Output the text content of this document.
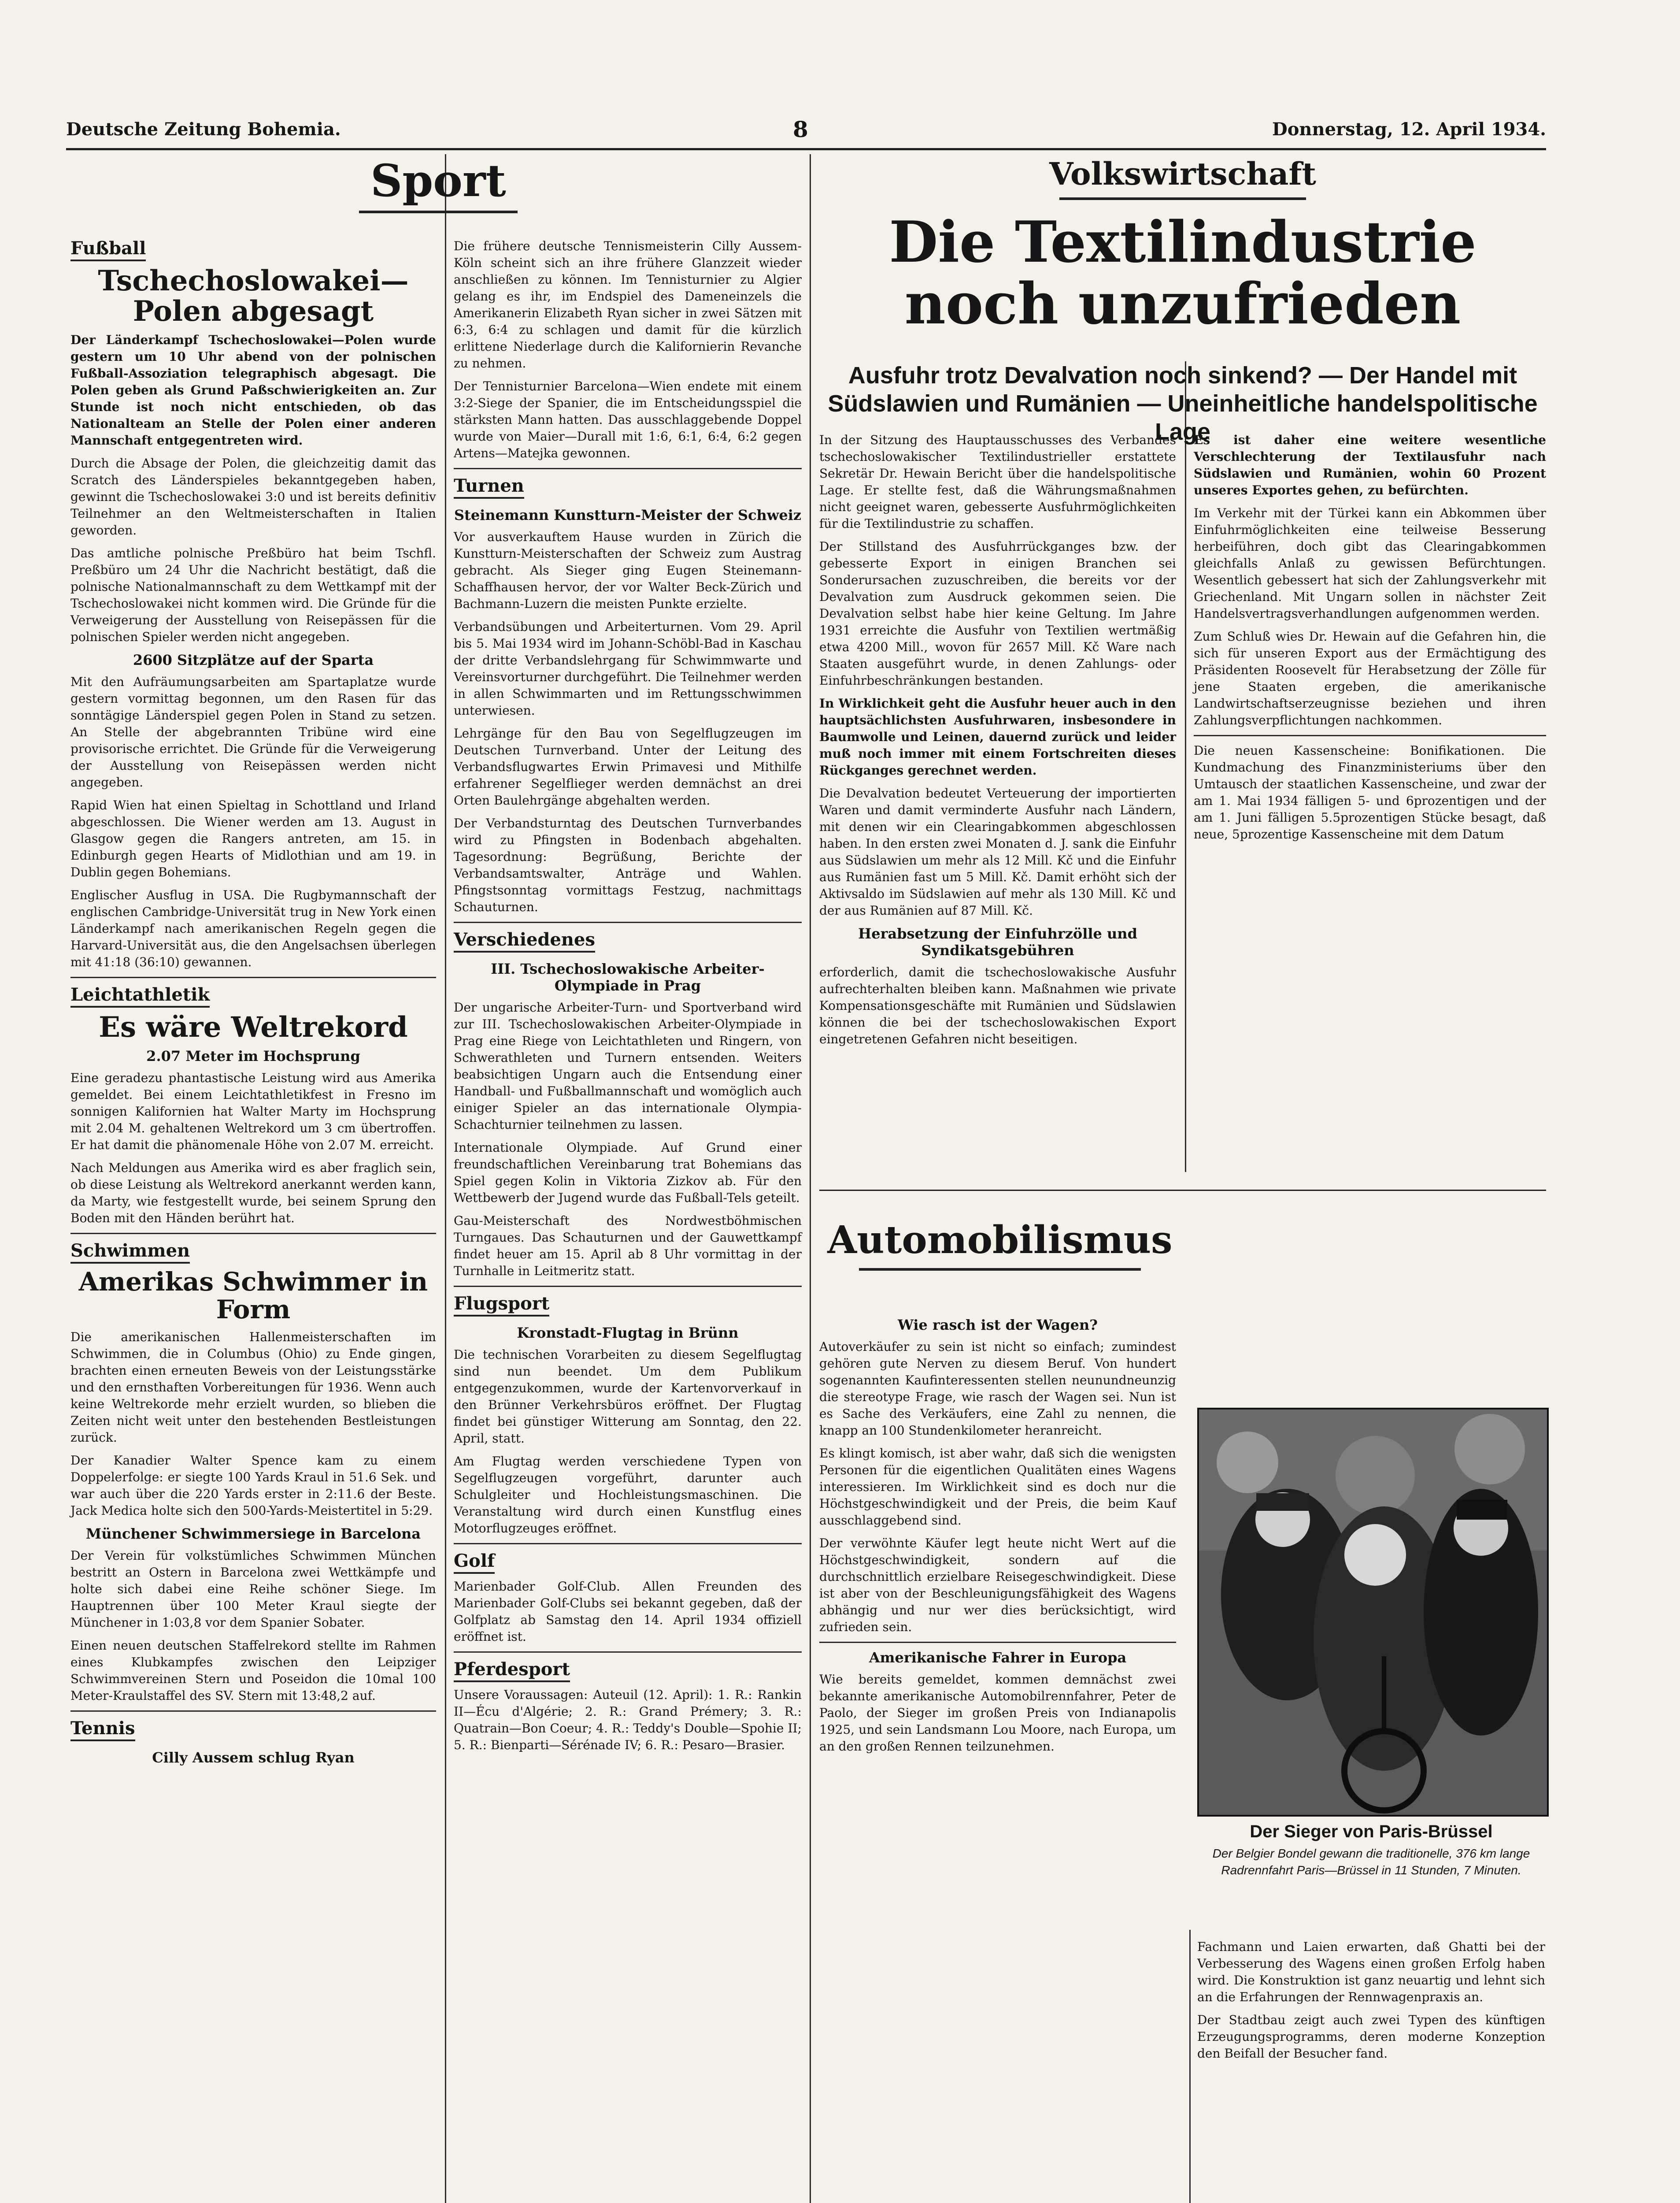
Deutsche Zeitung Bohemia.	8	Donnerstag, 12. April 1934.
Sport
Fußball
Tschechoslowakei—Polen abgesagt

Der Länderkampf Tschechoslowakei—Polen wurde gestern um 10 Uhr abend von der polnischen Fußball-Assoziation telegraphisch abgesagt. Die Polen geben als Grund Paßschwierigkeiten an. Zur Stunde ist noch nicht entschieden, ob das Nationalteam an Stelle der Polen einer anderen Mannschaft entgegentreten wird.

Durch die Absage der Polen, die gleichzeitig damit das Scratch des Länderspieles bekanntgegeben haben, gewinnt die Tschechoslowakei 3:0 und ist bereits definitiv Teilnehmer an den Weltmeisterschaften in Italien geworden.

Das amtliche polnische Preßbüro hat beim Tschfl. Preßbüro um 24 Uhr die Nachricht bestätigt, daß die polnische Nationalmannschaft zu dem Wettkampf mit der Tschechoslowakei nicht kommen wird. Die Gründe für die Verweigerung der Ausstellung von Reisepässen für die polnischen Spieler werden nicht angegeben.

2600 Sitzplätze auf der Sparta

Mit den Aufräumungsarbeiten am Spartaplatze wurde gestern vormittag begonnen, um den Rasen für das sonntägige Länderspiel gegen Polen in Stand zu setzen. An Stelle der abgebrannten Tribüne wird eine provisorische errichtet. Die Gründe für die Verweigerung der Ausstellung von Reisepässen werden nicht angegeben.

Rapid Wien hat einen Spieltag in Schottland und Irland abgeschlossen. Die Wiener werden am 13. August in Glasgow gegen die Rangers antreten, am 15. in Edinburgh gegen Hearts of Midlothian und am 19. in Dublin gegen Bohemians.

Englischer Ausflug in USA. Die Rugbymannschaft der englischen Cambridge-Universität trug in New York einen Länderkampf nach amerikanischen Regeln gegen die Harvard-Universität aus, die den Angelsachsen überlegen mit 41:18 (36:10) gewannen.

Leichtathletik
Es wäre Weltrekord
2.07 Meter im Hochsprung

Eine geradezu phantastische Leistung wird aus Amerika gemeldet. Bei einem Leichtathletikfest in Fresno im sonnigen Kalifornien hat Walter Marty im Hochsprung mit 2.04 M. gehaltenen Weltrekord um 3 cm übertroffen. Er hat damit die phänomenale Höhe von 2.07 M. erreicht.

Nach Meldungen aus Amerika wird es aber fraglich sein, ob diese Leistung als Weltrekord anerkannt werden kann, da Marty, wie festgestellt wurde, bei seinem Sprung den Boden mit den Händen berührt hat.

Schwimmen
Amerikas Schwimmer in Form

Die amerikanischen Hallenmeisterschaften im Schwimmen, die in Columbus (Ohio) zu Ende gingen, brachten einen erneuten Beweis von der Leistungsstärke und den ernsthaften Vorbereitungen für 1936. Wenn auch keine Weltrekorde mehr erzielt wurden, so blieben die Zeiten nicht weit unter den bestehenden Bestleistungen zurück.

Der Kanadier Walter Spence kam zu einem Doppelerfolge: er siegte 100 Yards Kraul in 51.6 Sek. und war auch über die 220 Yards erster in 2:11.6 der Beste. Jack Medica holte sich den 500-Yards-Meistertitel in 5:29.

Münchener Schwimmersiege in Barcelona

Der Verein für volkstümliches Schwimmen München bestritt an Ostern in Barcelona zwei Wettkämpfe und holte sich dabei eine Reihe schöner Siege. Im Hauptrennen über 100 Meter Kraul siegte der Münchener in 1:03,8 vor dem Spanier Sobater.

Einen neuen deutschen Staffelrekord stellte im Rahmen eines Klubkampfes zwischen den Leipziger Schwimmvereinen Stern und Poseidon die 10mal 100 Meter-Kraulstaffel des SV. Stern mit 13:48,2 auf.

Tennis
Cilly Aussem schlug Ryan

Die frühere deutsche Tennismeisterin Cilly Aussem-Köln scheint sich an ihre frühere Glanzzeit wieder anschließen zu können. Im Tennisturnier zu Algier gelang es ihr, im Endspiel des Dameneinzels die Amerikanerin Elizabeth Ryan sicher in zwei Sätzen mit 6:3, 6:4 zu schlagen und damit für die kürzlich erlittene Niederlage durch die Kalifornierin Revanche zu nehmen.

Der Tennisturnier Barcelona—Wien endete mit einem 3:2-Siege der Spanier, die im Entscheidungsspiel die stärksten Mann hatten. Das ausschlaggebende Doppel wurde von Maier—Durall mit 1:6, 6:1, 6:4, 6:2 gegen Artens—Matejka gewonnen.

Turnen
Steinemann Kunstturn-Meister der Schweiz

Vor ausverkauftem Hause wurden in Zürich die Kunstturn-Meisterschaften der Schweiz zum Austrag gebracht. Als Sieger ging Eugen Steinemann-Schaffhausen hervor, der vor Walter Beck-Zürich und Bachmann-Luzern die meisten Punkte erzielte.

Verbandsübungen und Arbeiterturnen. Vom 29. April bis 5. Mai 1934 wird im Johann-Schöbl-Bad in Kaschau der dritte Verbandslehrgang für Schwimmwarte und Vereinsvorturner durchgeführt. Die Teilnehmer werden in allen Schwimmarten und im Rettungsschwimmen unterwiesen.

Lehrgänge für den Bau von Segelflugzeugen im Deutschen Turnverband. Unter der Leitung des Verbandsflugwartes Erwin Primavesi und Mithilfe erfahrener Segelflieger werden demnächst an drei Orten Baulehrgänge abgehalten werden.

Der Verbandsturntag des Deutschen Turnverbandes wird zu Pfingsten in Bodenbach abgehalten. Tagesordnung: Begrüßung, Berichte der Verbandsamtswalter, Anträge und Wahlen. Pfingstsonntag vormittags Festzug, nachmittags Schauturnen.

Verschiedenes
III. Tschechoslowakische Arbeiter-Olympiade in Prag

Der ungarische Arbeiter-Turn- und Sportverband wird zur III. Tschechoslowakischen Arbeiter-Olympiade in Prag eine Riege von Leichtathleten und Ringern, von Schwerathleten und Turnern entsenden. Weiters beabsichtigen Ungarn auch die Entsendung einer Handball- und Fußballmannschaft und womöglich auch einiger Spieler an das internationale Olympia-Schachturnier teilnehmen zu lassen.

Internationale Olympiade. Auf Grund einer freundschaftlichen Vereinbarung trat Bohemians das Spiel gegen Kolin in Viktoria Zizkov ab. Für den Wettbewerb der Jugend wurde das Fußball-Tels geteilt.

Gau-Meisterschaft des Nordwestböhmischen Turngaues. Das Schauturnen und der Gauwettkampf findet heuer am 15. April ab 8 Uhr vormittag in der Turnhalle in Leitmeritz statt.

Flugsport
Kronstadt-Flugtag in Brünn

Die technischen Vorarbeiten zu diesem Segelflugtag sind nun beendet. Um dem Publikum entgegenzukommen, wurde der Kartenvorverkauf in den Brünner Verkehrsbüros eröffnet. Der Flugtag findet bei günstiger Witterung am Sonntag, den 22. April, statt.

Am Flugtag werden verschiedene Typen von Segelflugzeugen vorgeführt, darunter auch Schulgleiter und Hochleistungsmaschinen. Die Veranstaltung wird durch einen Kunstflug eines Motorflugzeuges eröffnet.

Golf

Marienbader Golf-Club. Allen Freunden des Marienbader Golf-Clubs sei bekannt gegeben, daß der Golfplatz ab Samstag den 14. April 1934 offiziell eröffnet ist.

Pferdesport

Unsere Voraussagen: Auteuil (12. April): 1. R.: Rankin II—Écu d'Algérie; 2. R.: Grand Prémery; 3. R.: Quatrain—Bon Coeur; 4. R.: Teddy's Double—Spohie II; 5. R.: Bienparti—Sérénade IV; 6. R.: Pesaro—Brasier.

Volkswirtschaft
Die Textilindustrie noch unzufrieden
Ausfuhr trotz Devalvation noch sinkend? — Der Handel mit Südslawien und Rumänien — Uneinheitliche handelspolitische Lage

In der Sitzung des Hauptausschusses des Verbandes tschechoslowakischer Textilindustrieller erstattete Sekretär Dr. Hewain Bericht über die handelspolitische Lage. Er stellte fest, daß die Währungsmaßnahmen nicht geeignet waren, gebesserte Ausfuhrmöglichkeiten für die Textilindustrie zu schaffen.

Der Stillstand des Ausfuhrrückganges bzw. der gebesserte Export in einigen Branchen sei Sonderursachen zuzuschreiben, die bereits vor der Devalvation zum Ausdruck gekommen seien. Die Devalvation selbst habe hier keine Geltung. Im Jahre 1931 erreichte die Ausfuhr von Textilien wertmäßig etwa 4200 Mill., wovon für 2657 Mill. Kč Ware nach Staaten ausgeführt wurde, in denen Zahlungs- oder Einfuhrbeschränkungen bestanden.

In Wirklichkeit geht die Ausfuhr heuer auch in den hauptsächlichsten Ausfuhrwaren, insbesondere in Baumwolle und Leinen, dauernd zurück und leider muß noch immer mit einem Fortschreiten dieses Rückganges gerechnet werden.

Die Devalvation bedeutet Verteuerung der importierten Waren und damit verminderte Ausfuhr nach Ländern, mit denen wir ein Clearingabkommen abgeschlossen haben. In den ersten zwei Monaten d. J. sank die Einfuhr aus Südslawien um mehr als 12 Mill. Kč und die Einfuhr aus Rumänien fast um 5 Mill. Kč. Damit erhöht sich der Aktivsaldo im Südslawien auf mehr als 130 Mill. Kč und der aus Rumänien auf 87 Mill. Kč.

Herabsetzung der Einfuhrzölle und Syndikatsgebühren

erforderlich, damit die tschechoslowakische Ausfuhr aufrechterhalten bleiben kann. Maßnahmen wie private Kompensationsgeschäfte mit Rumänien und Südslawien können die bei der tschechoslowakischen Export eingetretenen Gefahren nicht beseitigen.

Es ist daher eine weitere wesentliche Verschlechterung der Textilausfuhr nach Südslawien und Rumänien, wohin 60 Prozent unseres Exportes gehen, zu befürchten.

Im Verkehr mit der Türkei kann ein Abkommen über Einfuhrmöglichkeiten eine teilweise Besserung herbeiführen, doch gibt das Clearingabkommen gleichfalls Anlaß zu gewissen Befürchtungen. Wesentlich gebessert hat sich der Zahlungsverkehr mit Griechenland. Mit Ungarn sollen in nächster Zeit Handelsvertragsverhandlungen aufgenommen werden.

Zum Schluß wies Dr. Hewain auf die Gefahren hin, die sich für unseren Export aus der Ermächtigung des Präsidenten Roosevelt für Herabsetzung der Zölle für jene Staaten ergeben, die amerikanische Landwirtschaftserzeugnisse beziehen und ihren Zahlungsverpflichtungen nachkommen.

Die neuen Kassenscheine: Bonifikationen. Die Kundmachung des Finanzministeriums über den Umtausch der staatlichen Kassenscheine, und zwar der am 1. Mai 1934 fälligen 5- und 6prozentigen und der am 1. Juni fälligen 5.5prozentigen Stücke besagt, daß neue, 5prozentige Kassenscheine mit dem Datum

Automobilismus
Wie rasch ist der Wagen?

Autoverkäufer zu sein ist nicht so einfach; zumindest gehören gute Nerven zu diesem Beruf. Von hundert sogenannten Kaufinteressenten stellen neunundneunzig die stereotype Frage, wie rasch der Wagen sei. Nun ist es Sache des Verkäufers, eine Zahl zu nennen, die knapp an 100 Stundenkilometer heranreicht.

Es klingt komisch, ist aber wahr, daß sich die wenigsten Personen für die eigentlichen Qualitäten eines Wagens interessieren. Im Wirklichkeit sind es doch nur die Höchstgeschwindigkeit und der Preis, die beim Kauf ausschlaggebend sind.

Der verwöhnte Käufer legt heute nicht Wert auf die Höchstgeschwindigkeit, sondern auf die durchschnittlich erzielbare Reisegeschwindigkeit. Diese ist aber von der Beschleunigungsfähigkeit des Wagens abhängig und nur wer dies berücksichtigt, wird zufrieden sein.

Amerikanische Fahrer in Europa

Wie bereits gemeldet, kommen demnächst zwei bekannte amerikanische Automobilrennfahrer, Peter de Paolo, der Sieger im großen Preis von Indianapolis 1925, und sein Landsmann Lou Moore, nach Europa, um an den großen Rennen teilzunehmen.

Fachmann und Laien erwarten, daß Ghatti bei der Verbesserung des Wagens einen großen Erfolg haben wird. Die Konstruktion ist ganz neuartig und lehnt sich an die Erfahrungen der Rennwagenpraxis an.

Der Stadtbau zeigt auch zwei Typen des künftigen Erzeugungsprogramms, deren moderne Konzeption den Beifall der Besucher fand.

Der Sieger von Paris-Brüssel
Der Belgier Bondel gewann die traditionelle, 376 km lange Radrennfahrt Paris—Brüssel in 11 Stunden, 7 Minuten.
